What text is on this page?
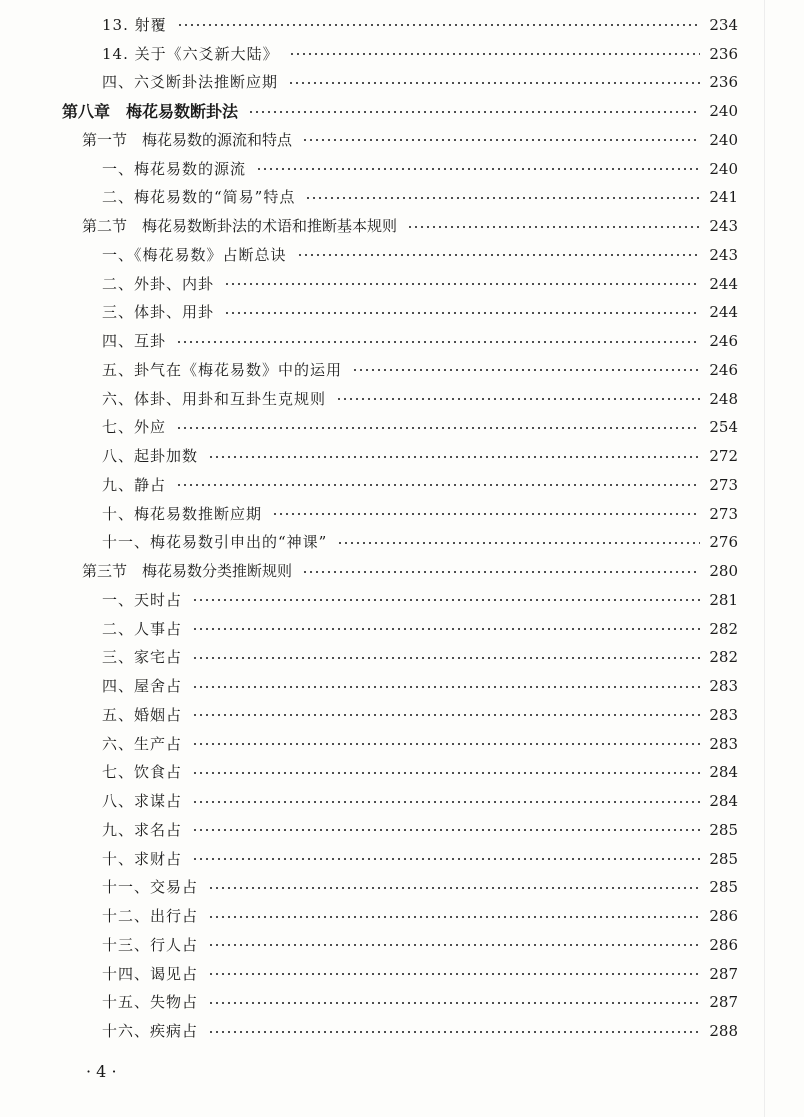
13. 射覆	234
14. 关于《六爻新大陆》	236
四、六爻断卦法推断应期	236
第八章　梅花易数断卦法	240
第一节　梅花易数的源流和特点	240
一、梅花易数的源流	240
二、梅花易数的“简易”特点	241
第二节　梅花易数断卦法的术语和推断基本规则	243
一、《梅花易数》占断总诀	243
二、外卦、内卦	244
三、体卦、用卦	244
四、互卦	246
五、卦气在《梅花易数》中的运用	246
六、体卦、用卦和互卦生克规则	248
七、外应	254
八、起卦加数	272
九、静占	273
十、梅花易数推断应期	273
十一、梅花易数引申出的“神课”	276
第三节　梅花易数分类推断规则	280
一、天时占	281
二、人事占	282
三、家宅占	282
四、屋舍占	283
五、婚姻占	283
六、生产占	283
七、饮食占	284
八、求谋占	284
九、求名占	285
十、求财占	285
十一、交易占	285
十二、出行占	286
十三、行人占	286
十四、谒见占	287
十五、失物占	287
十六、疾病占	288
· 4 ·
